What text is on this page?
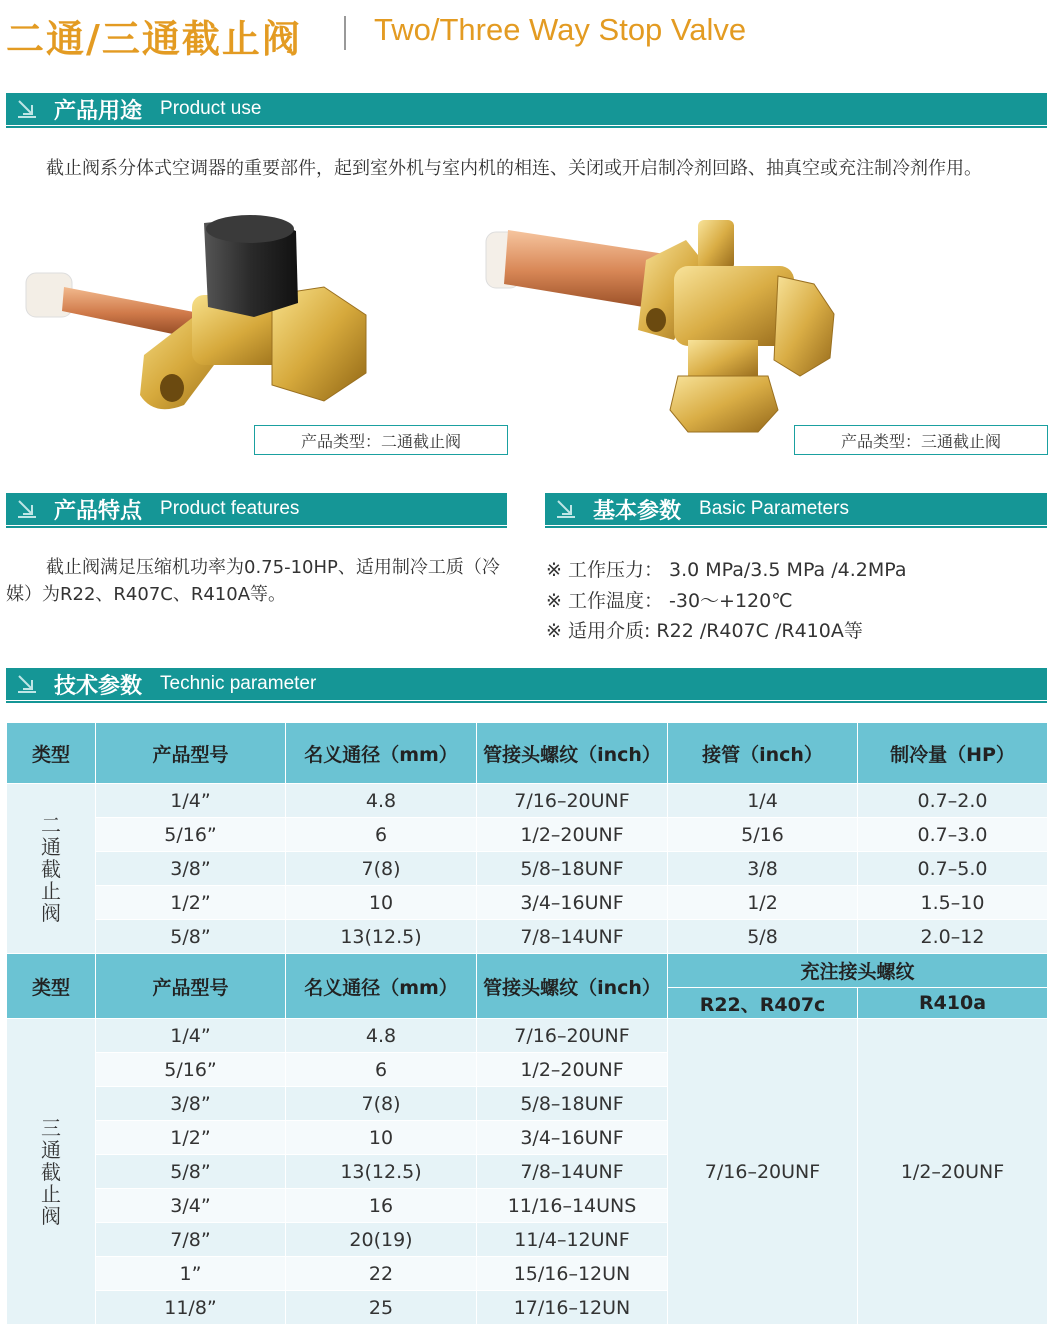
二通/三通截止阀 Two/Three Way Stop Valve
产品用途 Product use
截止阀系分体式空调器的重要部件，起到室外机与室内机的相连、关闭或开启制冷剂回路、抽真空或充注制冷剂作用。
产品类型：二通截止阀	产品类型：三通截止阀
产品特点 Product features	基本参数 Basic Parameters
截止阀满足压缩机功率为0.75-10HP、适用制冷工质（冷媒）为R22、R407C、R410A等。
※ 工作压力： 3.0 MPa/3.5 MPa /4.2MPa
※ 工作温度： -30～+120℃
※ 适用介质: R22 /R407C /R410A等
技术参数 Technic parameter
类型	产品型号	名义通径（mm）	管接头螺纹（inch）	接管（inch）	制冷量（HP）
二通截止阀	1/4”	4.8	7/16–20UNF	1/4	0.7–2.0
	5/16”	6	1/2–20UNF	5/16	0.7–3.0
	3/8”	7(8)	5/8–18UNF	3/8	0.7–5.0
	1/2”	10	3/4–16UNF	1/2	1.5–10
	5/8”	13(12.5)	7/8–14UNF	5/8	2.0–12
类型	产品型号	名义通径（mm）	管接头螺纹（inch）	充注接头螺纹	
				R22、R407c	R410a
三通截止阀	1/4”	4.8	7/16–20UNF	7/16–20UNF	1/2–20UNF
	5/16”	6	1/2–20UNF		
	3/8”	7(8)	5/8–18UNF		
	1/2”	10	3/4–16UNF		
	5/8”	13(12.5)	7/8–14UNF		
	3/4”	16	11/16–14UNS		
	7/8”	20(19)	11/4–12UNF		
	1”	22	15/16–12UN		
	11/8”	25	17/16–12UN		
